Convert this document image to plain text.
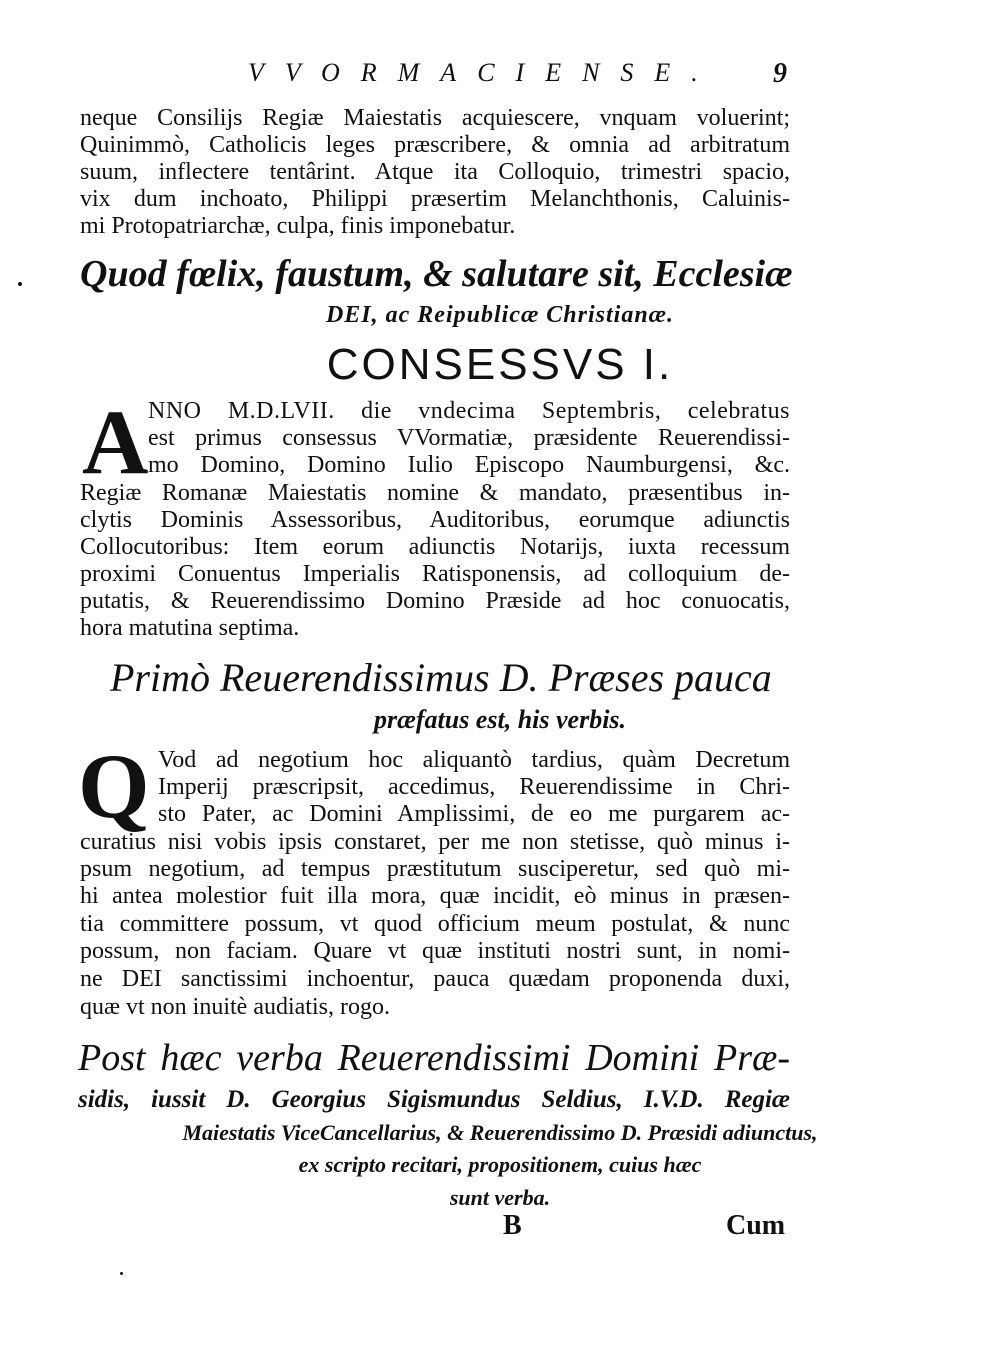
VVORMACIENSE. 9
neque Consilijs Regiæ Maiestatis acquiescere, vnquam voluerint;
Quinimmò, Catholicis leges præscribere, & omnia ad arbitratum
suum, inflectere tentârint. Atque ita Colloquio, trimestri spacio,
vix dum inchoato, Philippi præsertim Melanchthonis, Caluinis-
mi Protopatriarchæ, culpa, finis imponebatur.
Quod fœlix, faustum, & salutare sit, Ecclesiæ
DEI, ac Reipublicæ Christianæ.
CONSESSVS I.
A NNO M.D.LVII. die vndecima Septembris, celebratus
est primus consessus VVormatiæ, præsidente Reuerendissi-
mo Domino, Domino Iulio Episcopo Naumburgensi, &c.
Regiæ Romanæ Maiestatis nomine & mandato, præsentibus in-
clytis Dominis Assessoribus, Auditoribus, eorumque adiunctis
Collocutoribus: Item eorum adiunctis Notarijs, iuxta recessum
proximi Conuentus Imperialis Ratisponensis, ad colloquium de-
putatis, & Reuerendissimo Domino Præside ad hoc conuocatis,
hora matutina septima.
Primò Reuerendissimus D. Præses pauca
præfatus est, his verbis.
Q Vod ad negotium hoc aliquantò tardius, quàm Decretum
Imperij præscripsit, accedimus, Reuerendissime in Chri-
sto Pater, ac Domini Amplissimi, de eo me purgarem ac-
curatius nisi vobis ipsis constaret, per me non stetisse, quò minus i-
psum negotium, ad tempus præstitutum susciperetur, sed quò mi-
hi antea molestior fuit illa mora, quæ incidit, eò minus in præsen-
tia committere possum, vt quod officium meum postulat, & nunc
possum, non faciam. Quare vt quæ instituti nostri sunt, in nomi-
ne DEI sanctissimi inchoentur, pauca quædam proponenda duxi,
quæ vt non inuitè audiatis, rogo.
Post hæc verba Reuerendissimi Domini Præ-
sidis, iussit D. Georgius Sigismundus Seldius, I.V.D. Regiæ
Maiestatis ViceCancellarius, & Reuerendissimo D. Præsidi adiunctus,
ex scripto recitari, propositionem, cuius hæc
sunt verba.
B	Cum
